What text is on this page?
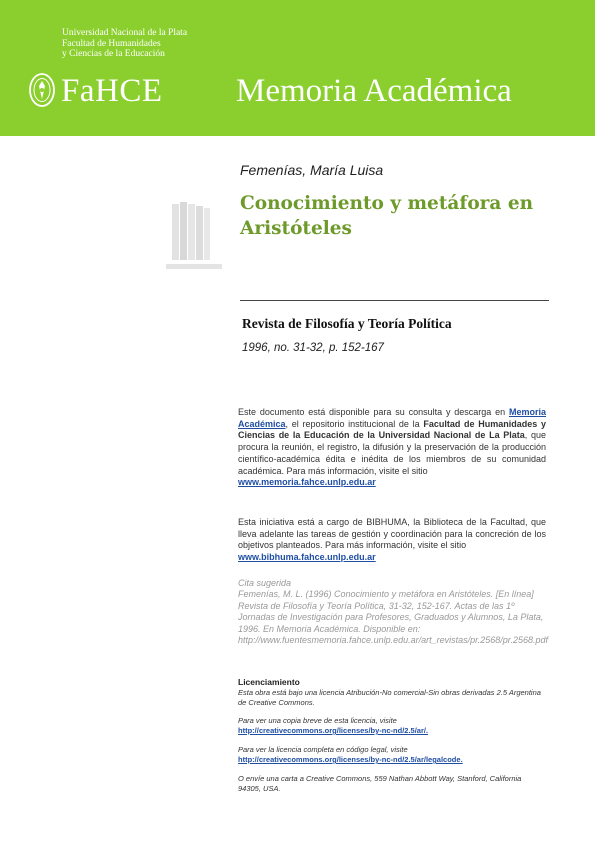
Universidad Nacional de la Plata
Facultad de Humanidades
y Ciencias de la Educación
FaHCE Memoria Académica
Femenías, María Luisa
Conocimiento y metáfora en Aristóteles
Revista de Filosofía y Teoría Política
1996, no. 31-32, p. 152-167
Este documento está disponible para su consulta y descarga en Memoria Académica, el repositorio institucional de la Facultad de Humanidades y Ciencias de la Educación de la Universidad Nacional de La Plata, que procura la reunión, el registro, la difusión y la preservación de la producción científico-académica édita e inédita de los miembros de su comunidad académica. Para más información, visite el sitio
www.memoria.fahce.unlp.edu.ar
Esta iniciativa está a cargo de BIBHUMA, la Biblioteca de la Facultad, que lleva adelante las tareas de gestión y coordinación para la concreción de los objetivos planteados. Para más información, visite el sitio
www.bibhuma.fahce.unlp.edu.ar
Cita sugerida
Femenías, M. L. (1996) Conocimiento y metáfora en Aristóteles. [En línea] Revista de Filosofía y Teoría Política, 31-32, 152-167. Actas de las 1º Jornadas de Investigación para Profesores, Graduados y Alumnos, La Plata, 1996. En Memoria Académica. Disponible en: http://www.fuentesmemoria.fahce.unlp.edu.ar/art_revistas/pr.2568/pr.2568.pdf
Licenciamiento
Esta obra está bajo una licencia Atribución-No comercial-Sin obras derivadas 2.5 Argentina de Creative Commons.
Para ver una copia breve de esta licencia, visite
http://creativecommons.org/licenses/by-nc-nd/2.5/ar/.
Para ver la licencia completa en código legal, visite
http://creativecommons.org/licenses/by-nc-nd/2.5/ar/legalcode.
O envíe una carta a Creative Commons, 559 Nathan Abbott Way, Stanford, California 94305, USA.
